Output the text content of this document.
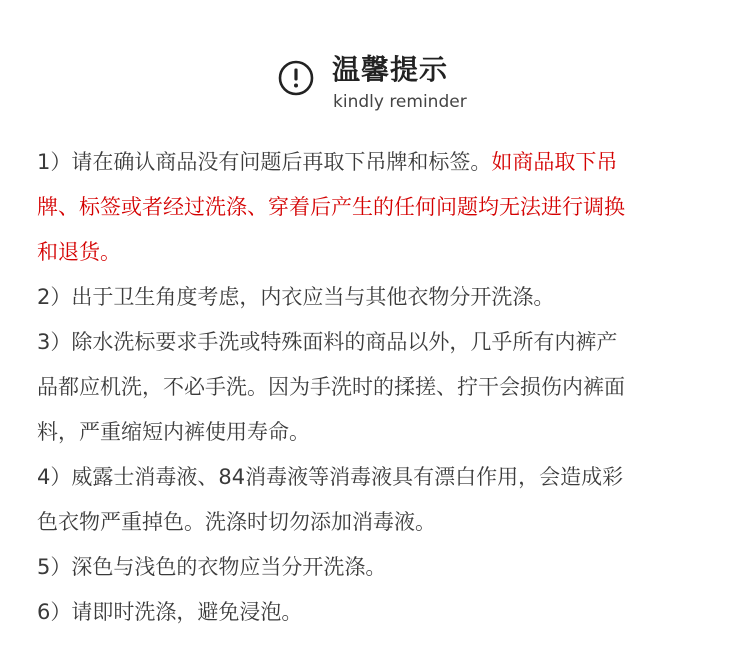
温馨提示
kindly reminder

1）请在确认商品没有问题后再取下吊牌和标签。如商品取下吊

牌、标签或者经过洗涤、穿着后产生的任何问题均无法进行调换

和退货。

2）出于卫生角度考虑，内衣应当与其他衣物分开洗涤。

3）除水洗标要求手洗或特殊面料的商品以外，几乎所有内裤产

品都应机洗，不必手洗。因为手洗时的揉搓、拧干会损伤内裤面

料，严重缩短内裤使用寿命。

4）威露士消毒液、84消毒液等消毒液具有漂白作用，会造成彩

色衣物严重掉色。洗涤时切勿添加消毒液。

5）深色与浅色的衣物应当分开洗涤。

6）请即时洗涤，避免浸泡。
